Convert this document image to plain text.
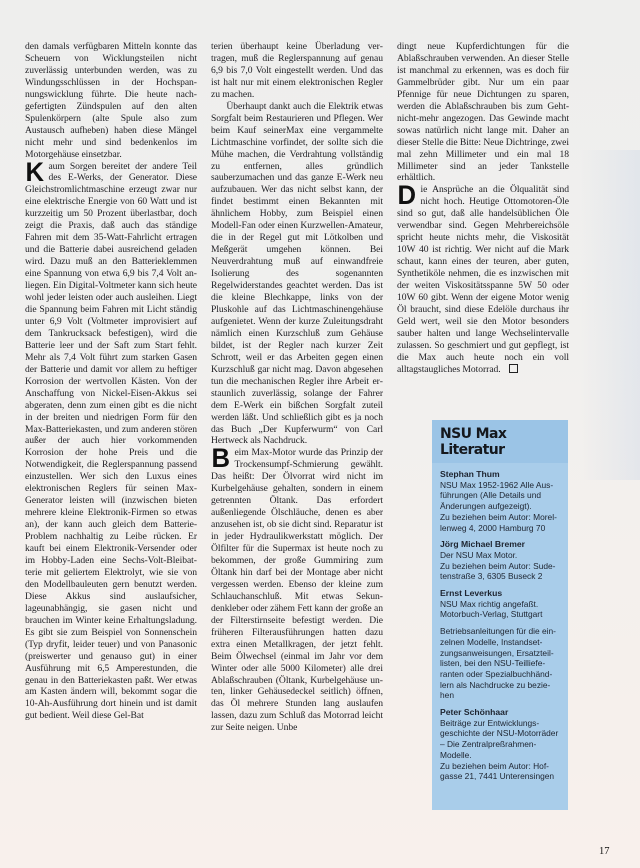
den damals verfügbaren Mitteln konnte das Scheuern von Wicklungsteilen nicht zuverlässig unterbunden werden, was zu Windungsschlüssen in der Hochspannungswicklung führte. Die heute nachgefertigten Zündspulen auf den alten Spulenkörpern (alte Spule also zum Austausch aufheben) haben diese Mängel nicht mehr und sind bedenkenlos im Motorgehäuse einsetzbar.

Kaum Sorgen bereitet der andere Teil des E-Werks, der Generator. Diese Gleichstromlichtmaschine erzeugt zwar nur eine elektrische Energie von 60 Watt und ist kurzzeitig um 50 Prozent überlastbar, doch zeigt die Praxis, daß auch das ständige Fahren mit dem 35-Watt-Fahrlicht ertragen und die Batterie dabei ausreichend geladen wird. Dazu muß an den Batterieklemmen eine Spannung von etwa 6,9 bis 7,4 Volt anliegen. Ein Digital-Voltmeter kann sich heute wohl jeder leisten oder auch ausleihen. Liegt die Spannung beim Fahren mit Licht ständig unter 6,9 Volt (Voltmeter improvisiert auf dem Tankrucksack befestigen), wird die Batterie leer und der Saft zum Start fehlt. Mehr als 7,4 Volt führt zum starken Gasen der Batterie und damit vor allem zu heftiger Korrosion der wertvollen Kästen. Von der Anschaffung von Nickel-Eisen-Akkus sei abgeraten, denn zum einen gibt es die nicht in der breiten und niedrigen Form für den Max-Batteriekasten, und zum anderen stören außer der auch hier vorkommenden Korrosion der hohe Preis und die Notwendigkeit, die Reglerspannung passend einzustellen. Wer sich den Luxus eines elektronischen Reglers für seinen Max-Generator leisten will (inzwischen bieten mehrere kleine Elektronik-Firmen so etwas an), der kann auch gleich dem Batterie-Problem nachhaltig zu Leibe rücken. Er kauft bei einem Elektronik-Versender oder im Hobby-Laden eine Sechs-Volt-Bleibatterie mit geliertem Elektrolyt, wie sie von den Modellbauleuten gern benutzt werden. Diese Akkus sind auslaufsicher, lageunabhängig, sie gasen nicht und brauchen im Winter keine Erhaltungsladung. Es gibt sie zum Beispiel von Sonnenschein (Typ dryfit, leider teuer) und von Panasonic (preiswerter und genauso gut) in einer Ausführung mit 6,5 Amperestunden, die genau in den Batteriekasten paßt. Wer etwas am Kasten ändern will, bekommt sogar die 10-Ah-Ausführung dort hinein und ist damit gut bedient. Weil diese Gel-Bat

terien überhaupt keine Überladung vertragen, muß die Reglerspannung auf genau 6,9 bis 7,0 Volt eingestellt werden. Und das ist halt nur mit einem elektronischen Regler zu machen.

Überhaupt dankt auch die Elektrik etwas Sorgfalt beim Restaurieren und Pflegen. Wer beim Kauf seinerMax eine vergammelte Lichtmaschine vorfindet, der sollte sich die Mühe machen, die Verdrahtung vollständig zu entfernen, alles gründlich sauberzumachen und das ganze E-Werk neu aufzubauen. Wer das nicht selbst kann, der findet bestimmt einen Bekannten mit ähnlichem Hobby, zum Beispiel einen Modell-Fan oder einen Kurzwellen-Amateur, die in der Regel gut mit Lötkolben und Meßgerät umgehen können. Bei Neuverdrahtung muß auf einwandfreie Isolierung des sogenannten Regelwiderstandes geachtet werden. Das ist die kleine Blechkappe, links von der Pluskohle auf das Lichtmaschinengehäuse aufgenietet. Wenn der kurze Zuleitungsdraht nämlich einen Kurzschluß zum Gehäuse bildet, ist der Regler nach kurzer Zeit Schrott, weil er das Arbeiten gegen einen Kurzschluß gar nicht mag. Davon abgesehen tun die mechanischen Regler ihre Arbeit erstaunlich zuverlässig, solange der Fahrer dem E-Werk ein bißchen Sorgfalt zuteil werden läßt. Und schließlich gibt es ja noch das Buch „Der Kupferwurm“ von Carl Hertweck als Nachdruck.

Beim Max-Motor wurde das Prinzip der Trockensumpf-Schmierung gewählt. Das heißt: Der Ölvorrat wird nicht im Kurbelgehäuse gehalten, sondern in einem getrennten Öltank. Das erfordert außenliegende Ölschläuche, denen es aber anzusehen ist, ob sie dicht sind. Reparatur ist in jeder Hydraulikwerkstatt möglich. Der Ölfilter für die Supermax ist heute noch zu bekommen, der große Gummiring zum Öltank hin darf bei der Montage aber nicht vergessen werden. Ebenso der kleine zum Schlauchanschluß. Mit etwas Sekundenkleber oder zähem Fett kann der große an der Filterstirnseite befestigt werden. Die früheren Filterausführungen hatten dazu extra einen Metallkragen, der jetzt fehlt. Beim Ölwechsel (einmal im Jahr vor dem Winter oder alle 5000 Kilometer) alle drei Ablaßschrauben (Öltank, Kurbelgehäuse unten, linker Gehäusedeckel seitlich) öffnen, das Öl mehrere Stunden lang auslaufen lassen, dazu zum Schluß das Motorrad leicht zur Seite neigen. Unbe

dingt neue Kupferdichtungen für die Ablaßschrauben verwenden. An dieser Stelle ist manchmal zu erkennen, was es doch für Gammelbrüder gibt. Nur um ein paar Pfennige für neue Dichtungen zu sparen, werden die Ablaßschrauben bis zum Geht-nicht-mehr angezogen. Das Gewinde macht sowas natürlich nicht lange mit. Daher an dieser Stelle die Bitte: Neue Dichtringe, zwei mal zehn Millimeter und ein mal 18 Millimeter sind an jeder Tankstelle erhältlich.

Die Ansprüche an die Ölqualität sind nicht hoch. Heutige Ottomotoren-Öle sind so gut, daß alle handelsüblichen Öle verwendbar sind. Gegen Mehrbereichsöle spricht heute nichts mehr, die Viskosität 10W 40 ist richtig. Wer nicht auf die Mark schaut, kann eines der teuren, aber guten, Synthetiköle nehmen, die es inzwischen mit der weiten Viskositätsspanne 5W 50 oder 10W 60 gibt. Wenn der eigene Motor wenig Öl braucht, sind diese Edelöle durchaus ihr Geld wert, weil sie den Motor besonders sauber halten und lange Wechselintervalle zulassen. So geschmiert und gut gepflegt, ist die Max auch heute noch ein voll alltagstaugliches Motorrad.

NSU Max Literatur
Stephan Thum
NSU Max 1952-1962 Alle Ausführungen (Alle Details und Änderungen aufgezeigt).
Zu beziehen beim Autor: Morellenweg 4, 2000 Hamburg 70
Jörg Michael Bremer
Der NSU Max Motor.
Zu beziehen beim Autor: Sudetenstraße 3, 6305 Buseck 2
Ernst Leverkus
NSU Max richtig angefaßt.
Motorbuch-Verlag, Stuttgart
Betriebsanleitungen für die einzelnen Modelle, Instandsetzungsanweisungen, Ersatzteillisten, bei den NSU-Teillieferanten oder Spezialbuchhändlern als Nachdrucke zu beziehen
Peter Schönhaar
Beiträge zur Entwicklungsgeschichte der NSU-Motorräder – Die Zentralpreßrahmen-Modelle.
Zu beziehen beim Autor: Hofgasse 21, 7441 Unterensingen
17
